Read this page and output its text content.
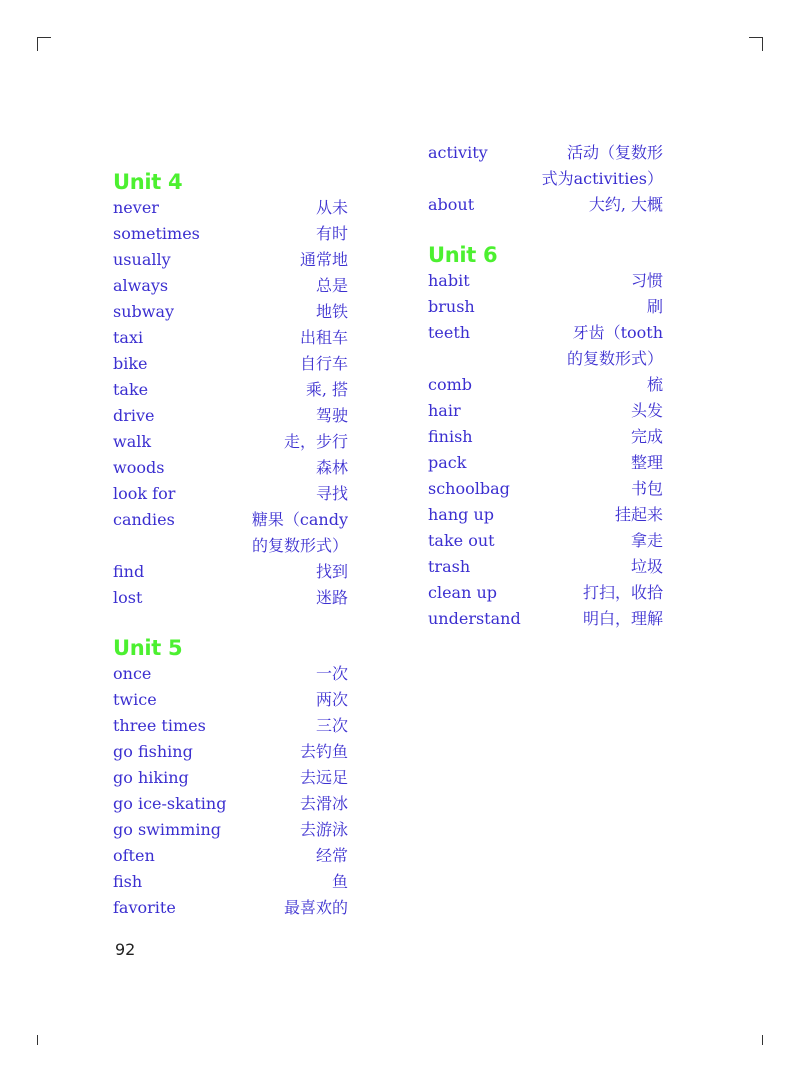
Unit 4
never	从未
sometimes	有时
usually	通常地
always	总是
subway	地铁
taxi	出租车
bike	自行车
take	乘, 搭
drive	驾驶
walk	走，步行
woods	森林
look for	寻找
candies	糖果（candy
的复数形式）
find	找到
lost	迷路
Unit 5
once	一次
twice	两次
three times	三次
go fishing	去钓鱼
go hiking	去远足
go ice-skating	去滑冰
go swimming	去游泳
often	经常
fish	鱼
favorite	最喜欢的
activity	活动（复数形
式为activities）
about	大约, 大概
Unit 6
habit	习惯
brush	刷
teeth	牙齿（tooth
的复数形式）
comb	梳
hair	头发
finish	完成
pack	整理
schoolbag	书包
hang up	挂起来
take out	拿走
trash	垃圾
clean up	打扫，收拾
understand	明白，理解
92
